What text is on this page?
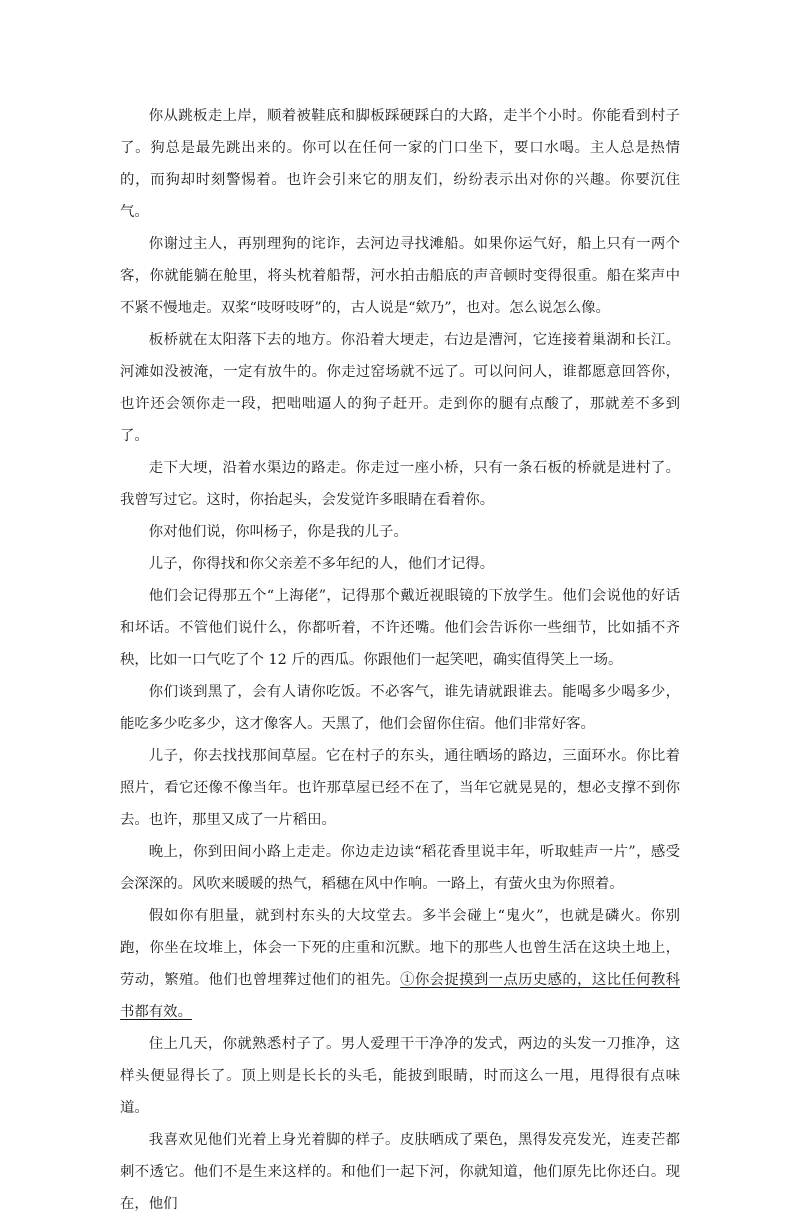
你从跳板走上岸，顺着被鞋底和脚板踩硬踩白的大路，走半个小时。你能看到村子了。狗总是最先跳出来的。你可以在任何一家的门口坐下，要口水喝。主人总是热情的，而狗却时刻警惕着。也许会引来它的朋友们，纷纷表示出对你的兴趣。你要沉住气。

你谢过主人，再别理狗的诧诈，去河边寻找滩船。如果你运气好，船上只有一两个客，你就能躺在舱里，将头枕着船帮，河水拍击船底的声音顿时变得很重。船在桨声中不紧不慢地走。双桨“吱呀吱呀”的，古人说是“欸乃”，也对。怎么说怎么像。

板桥就在太阳落下去的地方。你沿着大埂走，右边是漕河，它连接着巢湖和长江。河滩如没被淹，一定有放牛的。你走过窑场就不远了。可以问问人，谁都愿意回答你，也许还会领你走一段，把咄咄逼人的狗子赶开。走到你的腿有点酸了，那就差不多到了。

走下大埂，沿着水渠边的路走。你走过一座小桥，只有一条石板的桥就是进村了。我曾写过它。这时，你抬起头，会发觉许多眼睛在看着你。

你对他们说，你叫杨子，你是我的儿子。

儿子，你得找和你父亲差不多年纪的人，他们才记得。

他们会记得那五个“上海佬”，记得那个戴近视眼镜的下放学生。他们会说他的好话和坏话。不管他们说什么，你都听着，不许还嘴。他们会告诉你一些细节，比如插不齐秧，比如一口气吃了个 12 斤的西瓜。你跟他们一起笑吧，确实值得笑上一场。

你们谈到黑了，会有人请你吃饭。不必客气，谁先请就跟谁去。能喝多少喝多少，能吃多少吃多少，这才像客人。天黑了，他们会留你住宿。他们非常好客。

儿子，你去找找那间草屋。它在村子的东头，通往晒场的路边，三面环水。你比着照片，看它还像不像当年。也许那草屋已经不在了，当年它就晃晃的，想必支撑不到你去。也许，那里又成了一片稻田。

晚上，你到田间小路上走走。你边走边读“稻花香里说丰年，听取蛙声一片”，感受会深深的。风吹来暖暖的热气，稻穗在风中作响。一路上，有萤火虫为你照着。

假如你有胆量，就到村东头的大坟堂去。多半会碰上“鬼火”，也就是磷火。你别跑，你坐在坟堆上，体会一下死的庄重和沉默。地下的那些人也曾生活在这块土地上，劳动，繁殖。他们也曾埋葬过他们的祖先。①你会捉摸到一点历史感的，这比任何教科书都有效。

住上几天，你就熟悉村子了。男人爱理干干净净的发式，两边的头发一刀推净，这样头便显得长了。顶上则是长长的头毛，能披到眼睛，时而这么一甩，甩得很有点味道。

我喜欢见他们光着上身光着脚的样子。皮肤晒成了栗色，黑得发亮发光，连麦芒都刺不透它。他们不是生来这样的。和他们一起下河，你就知道，他们原先比你还白。现在，他们
